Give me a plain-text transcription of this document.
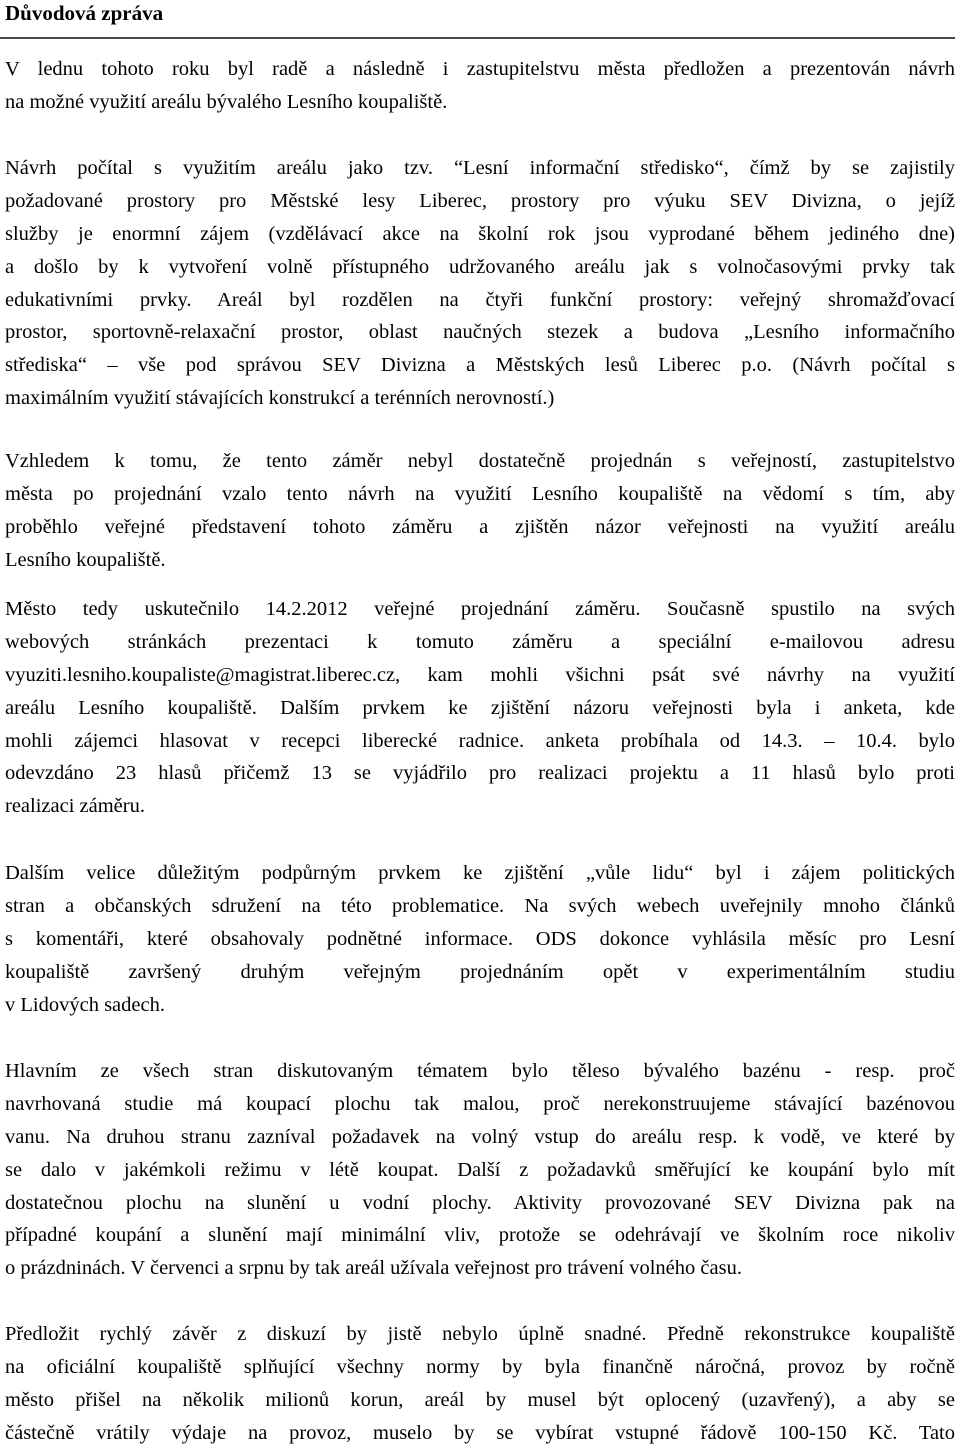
Důvodová zpráva
V lednu tohoto roku byl radě a následně i zastupitelstvu města předložen a prezentován návrh
na možné využití areálu bývalého Lesního koupaliště.
Návrh počítal s využitím areálu jako tzv. “Lesní informační středisko“, čímž by se zajistily
požadované prostory pro Městské lesy Liberec, prostory pro výuku SEV Divizna, o jejíž
služby je enormní zájem (vzdělávací akce na školní rok jsou vyprodané během jediného dne)
a došlo by k vytvoření volně přístupného udržovaného areálu jak s volnočasovými prvky tak
edukativními prvky. Areál byl rozdělen na čtyři funkční prostory: veřejný shromažďovací
prostor, sportovně-relaxační prostor, oblast naučných stezek a budova „Lesního informačního
střediska“ – vše pod správou SEV Divizna a Městských lesů Liberec p.o. (Návrh počítal s
maximálním využití stávajících konstrukcí a terénních nerovností.)
Vzhledem k tomu, že tento záměr nebyl dostatečně projednán s veřejností, zastupitelstvo
města po projednání vzalo tento návrh na využití Lesního koupaliště na vědomí s tím, aby
proběhlo veřejné představení tohoto záměru a zjištěn názor veřejnosti na využití areálu
Lesního koupaliště.
Město tedy uskutečnilo 14.2.2012 veřejné projednání záměru. Současně spustilo na svých
webových stránkách prezentaci k tomuto záměru a speciální e-mailovou adresu
vyuziti.lesniho.koupaliste@magistrat.liberec.cz, kam mohli všichni psát své návrhy na využití
areálu Lesního koupaliště. Dalším prvkem ke zjištění názoru veřejnosti byla i anketa, kde
mohli zájemci hlasovat v recepci liberecké radnice. anketa probíhala od 14.3. – 10.4. bylo
odevzdáno 23 hlasů přičemž 13 se vyjádřilo pro realizaci projektu a 11 hlasů bylo proti
realizaci záměru.
Dalším velice důležitým podpůrným prvkem ke zjištění „vůle lidu“ byl i zájem politických
stran a občanských sdružení na této problematice. Na svých webech uveřejnily mnoho článků
s komentáři, které obsahovaly podnětné informace. ODS dokonce vyhlásila měsíc pro Lesní
koupaliště završený druhým veřejným projednáním opět v experimentálním studiu
v Lidových sadech.
Hlavním ze všech stran diskutovaným tématem bylo těleso bývalého bazénu - resp. proč
navrhovaná studie má koupací plochu tak malou, proč nerekonstruujeme stávající bazénovou
vanu. Na druhou stranu zazníval požadavek na volný vstup do areálu resp. k vodě, ve které by
se dalo v jakémkoli režimu v létě koupat. Další z požadavků směřující ke koupání bylo mít
dostatečnou plochu na slunění u vodní plochy. Aktivity provozované SEV Divizna pak na
případné koupání a slunění mají minimální vliv, protože se odehrávají ve školním roce nikoliv
o prázdninách. V červenci a srpnu by tak areál užívala veřejnost pro trávení volného času.
Předložit rychlý závěr z diskuzí by jistě nebylo úplně snadné. Předně rekonstrukce koupaliště
na oficiální koupaliště splňující všechny normy by byla finančně náročná, provoz by ročně
město přišel na několik milionů korun, areál by musel být oplocený (uzavřený), a aby se
částečně vrátily výdaje na provoz, muselo by se vybírat vstupné řádově 100-150 Kč. Tato
